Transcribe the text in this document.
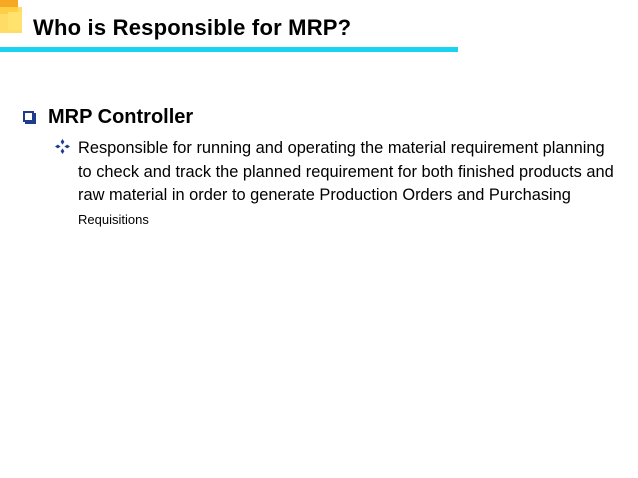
Who is Responsible for MRP?
MRP Controller
Responsible for running and operating the material requirement planning to check and track the planned requirement for both finished products and raw material in order to generate Production Orders and Purchasing Requisitions
